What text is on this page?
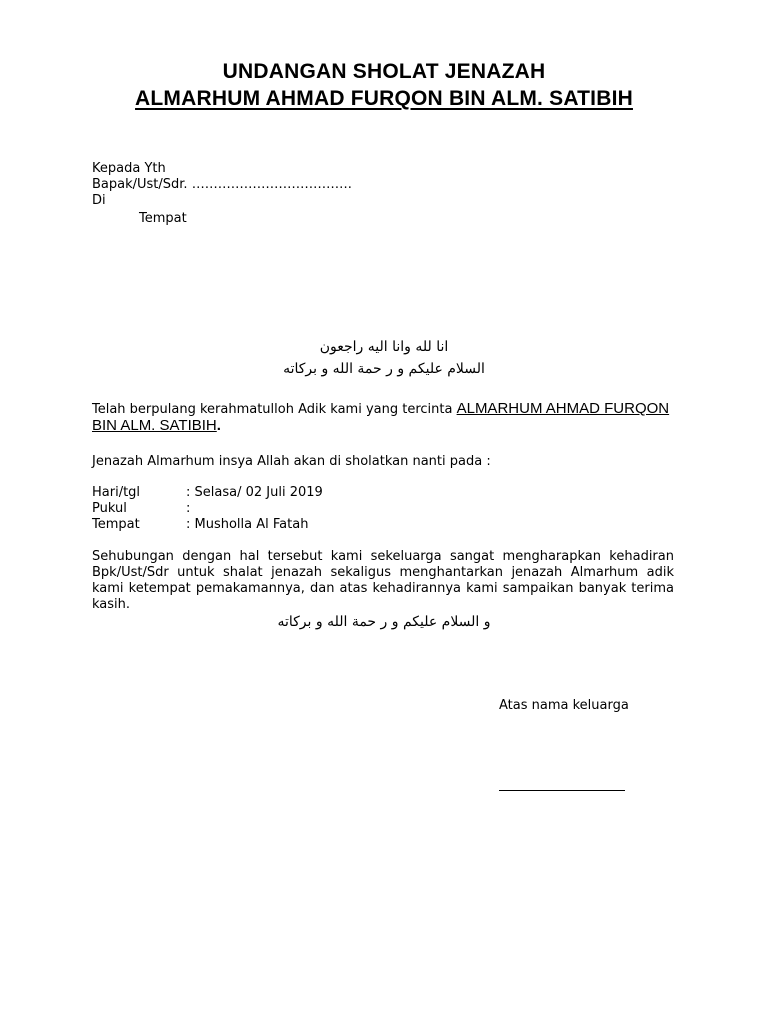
UNDANGAN SHOLAT JENAZAH
ALMARHUM AHMAD FURQON BIN ALM. SATIBIH
Kepada Yth
Bapak/Ust/Sdr. ……………………………….
Di
Tempat
انا لله وانا اليه راجعون
السلام عليكم و ر حمة الله و بركاته
Telah berpulang kerahmatulloh Adik kami yang tercinta ALMARHUM AHMAD FURQON BIN ALM. SATIBIH.
Jenazah Almarhum insya Allah akan di sholatkan nanti pada :
Hari/tgl	: Selasa/ 02 Juli 2019
Pukul	:
Tempat	: Musholla Al Fatah
Sehubungan dengan hal tersebut kami sekeluarga sangat mengharapkan kehadiran Bpk/Ust/Sdr untuk shalat jenazah sekaligus menghantarkan jenazah Almarhum adik kami ketempat pemakamannya, dan atas kehadirannya kami sampaikan banyak terima kasih.
و السلام عليكم و ر حمة الله و بركاته
Atas nama keluarga
